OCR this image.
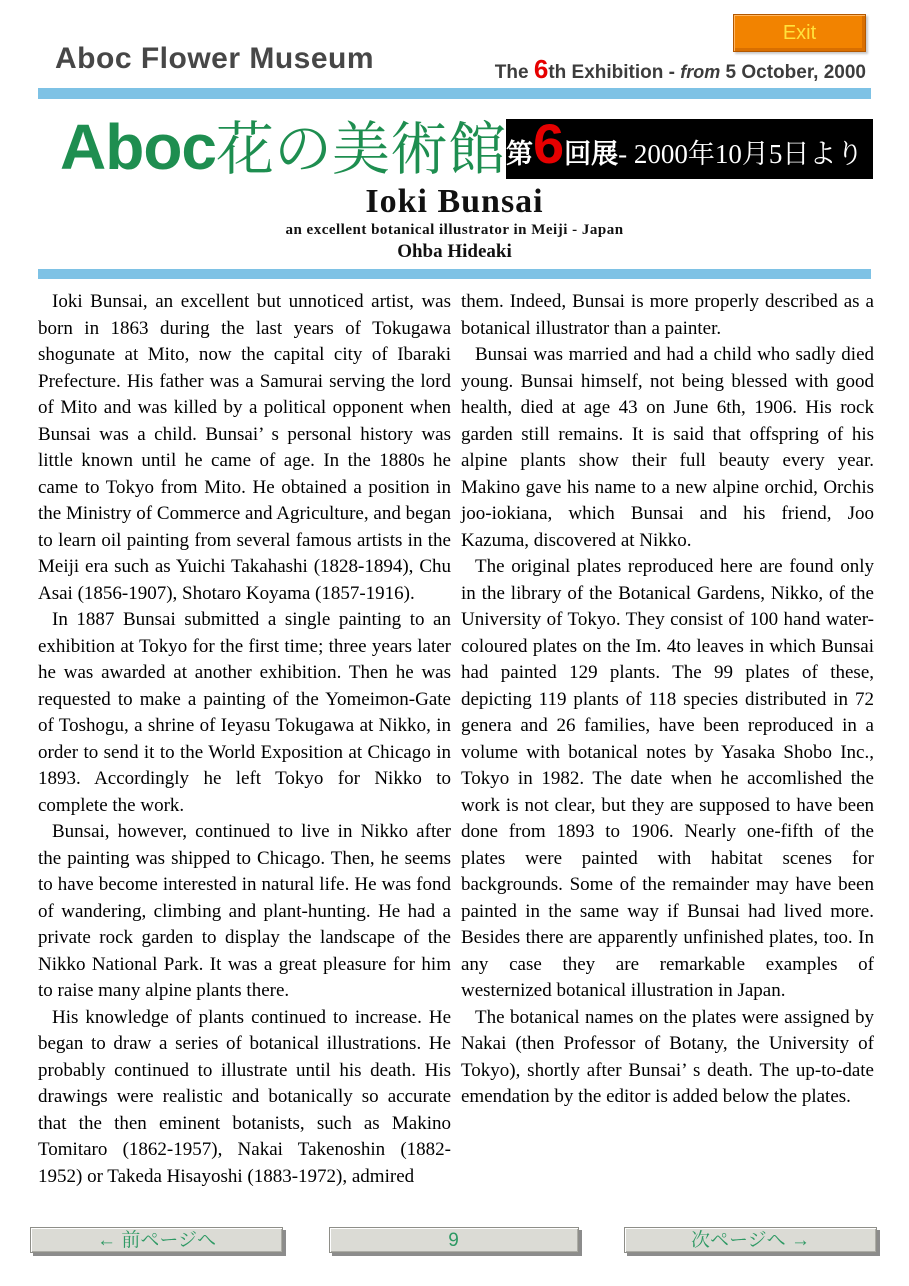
Aboc Flower Museum
Exit
The 6th Exhibition - from 5 October, 2000
Aboc花の美術館 第 6 回展 - 2000年10月5日より
Ioki Bunsai
an excellent botanical illustrator in Meiji - Japan
Ohba Hideaki

Ioki Bunsai, an excellent but unnoticed artist, was born in 1863 during the last years of Tokugawa shogunate at Mito, now the capital city of Ibaraki Prefecture. His father was a Samurai serving the lord of Mito and was killed by a political opponent when Bunsai was a child. Bunsai’ s personal history was little known until he came of age. In the 1880s he came to Tokyo from Mito. He obtained a position in the Ministry of Commerce and Agriculture, and began to learn oil painting from several famous artists in the Meiji era such as Yuichi Takahashi (1828-1894), Chu Asai (1856-1907), Shotaro Koyama (1857-1916).

In 1887 Bunsai submitted a single painting to an exhibition at Tokyo for the first time; three years later he was awarded at another exhibition. Then he was requested to make a painting of the Yomeimon-Gate of Toshogu, a shrine of Ieyasu Tokugawa at Nikko, in order to send it to the World Exposition at Chicago in 1893. Accordingly he left Tokyo for Nikko to complete the work.

Bunsai, however, continued to live in Nikko after the painting was shipped to Chicago. Then, he seems to have become interested in natural life. He was fond of wandering, climbing and plant-hunting. He had a private rock garden to display the landscape of the Nikko National Park. It was a great pleasure for him to raise many alpine plants there.

His knowledge of plants continued to increase. He began to draw a series of botanical illustrations. He probably continued to illustrate until his death. His drawings were realistic and botanically so accurate that the then eminent botanists, such as Makino Tomitaro (1862-1957), Nakai Takenoshin (1882-1952) or Takeda Hisayoshi (1883-1972), admired

them. Indeed, Bunsai is more properly described as a botanical illustrator than a painter.

Bunsai was married and had a child who sadly died young. Bunsai himself, not being blessed with good health, died at age 43 on June 6th, 1906. His rock garden still remains. It is said that offspring of his alpine plants show their full beauty every year. Makino gave his name to a new alpine orchid, Orchis joo-iokiana, which Bunsai and his friend, Joo Kazuma, discovered at Nikko.

The original plates reproduced here are found only in the library of the Botanical Gardens, Nikko, of the University of Tokyo. They consist of 100 hand water-coloured plates on the Im. 4to leaves in which Bunsai had painted 129 plants. The 99 plates of these, depicting 119 plants of 118 species distributed in 72 genera and 26 families, have been reproduced in a volume with botanical notes by Yasaka Shobo Inc., Tokyo in 1982. The date when he accomlished the work is not clear, but they are supposed to have been done from 1893 to 1906. Nearly one-fifth of the plates were painted with habitat scenes for backgrounds. Some of the remainder may have been painted in the same way if Bunsai had lived more. Besides there are apparently unfinished plates, too. In any case they are remarkable examples of westernized botanical illustration in Japan.

The botanical names on the plates were assigned by Nakai (then Professor of Botany, the University of Tokyo), shortly after Bunsai’ s death. The up-to-date emendation by the editor is added below the plates.

← 前ページへ	9	次ページへ →
